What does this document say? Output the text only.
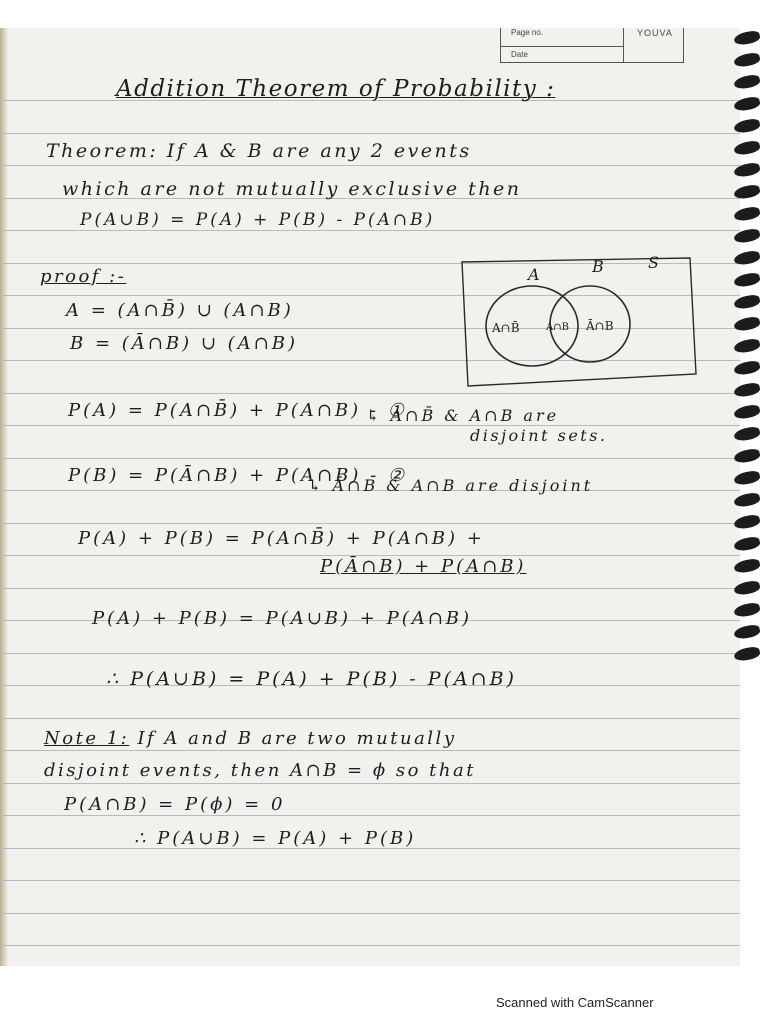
Page no.
Date
YOUVA
Addition Theorem of Probability :
Theorem: If A & B are any 2 events
which are not mutually exclusive then
P(A∪B) = P(A) + P(B) - P(A∩B)
proof :-
A = (A∩B̄) ∪ (A∩B)
B = (Ā∩B) ∪ (A∩B)
A	B	S
A∩B̄	A∩B Ā∩B
P(A) = P(A∩B̄) + P(A∩B) - ①
↳ A∩B̄ & A∩B are
disjoint sets.
P(B) = P(Ā∩B) + P(A∩B) - ②
↳ Ā∩B & A∩B are disjoint
P(A) + P(B) = P(A∩B̄) + P(A∩B) +
P(Ā∩B) + P(A∩B)
P(A) + P(B) = P(A∪B) + P(A∩B)
∴ P(A∪B) = P(A) + P(B) - P(A∩B)
Note 1: If A and B are two mutually
disjoint events, then A∩B = ϕ so that
P(A∩B) = P(ϕ) = 0
∴ P(A∪B) = P(A) + P(B)
Scanned with CamScanner
